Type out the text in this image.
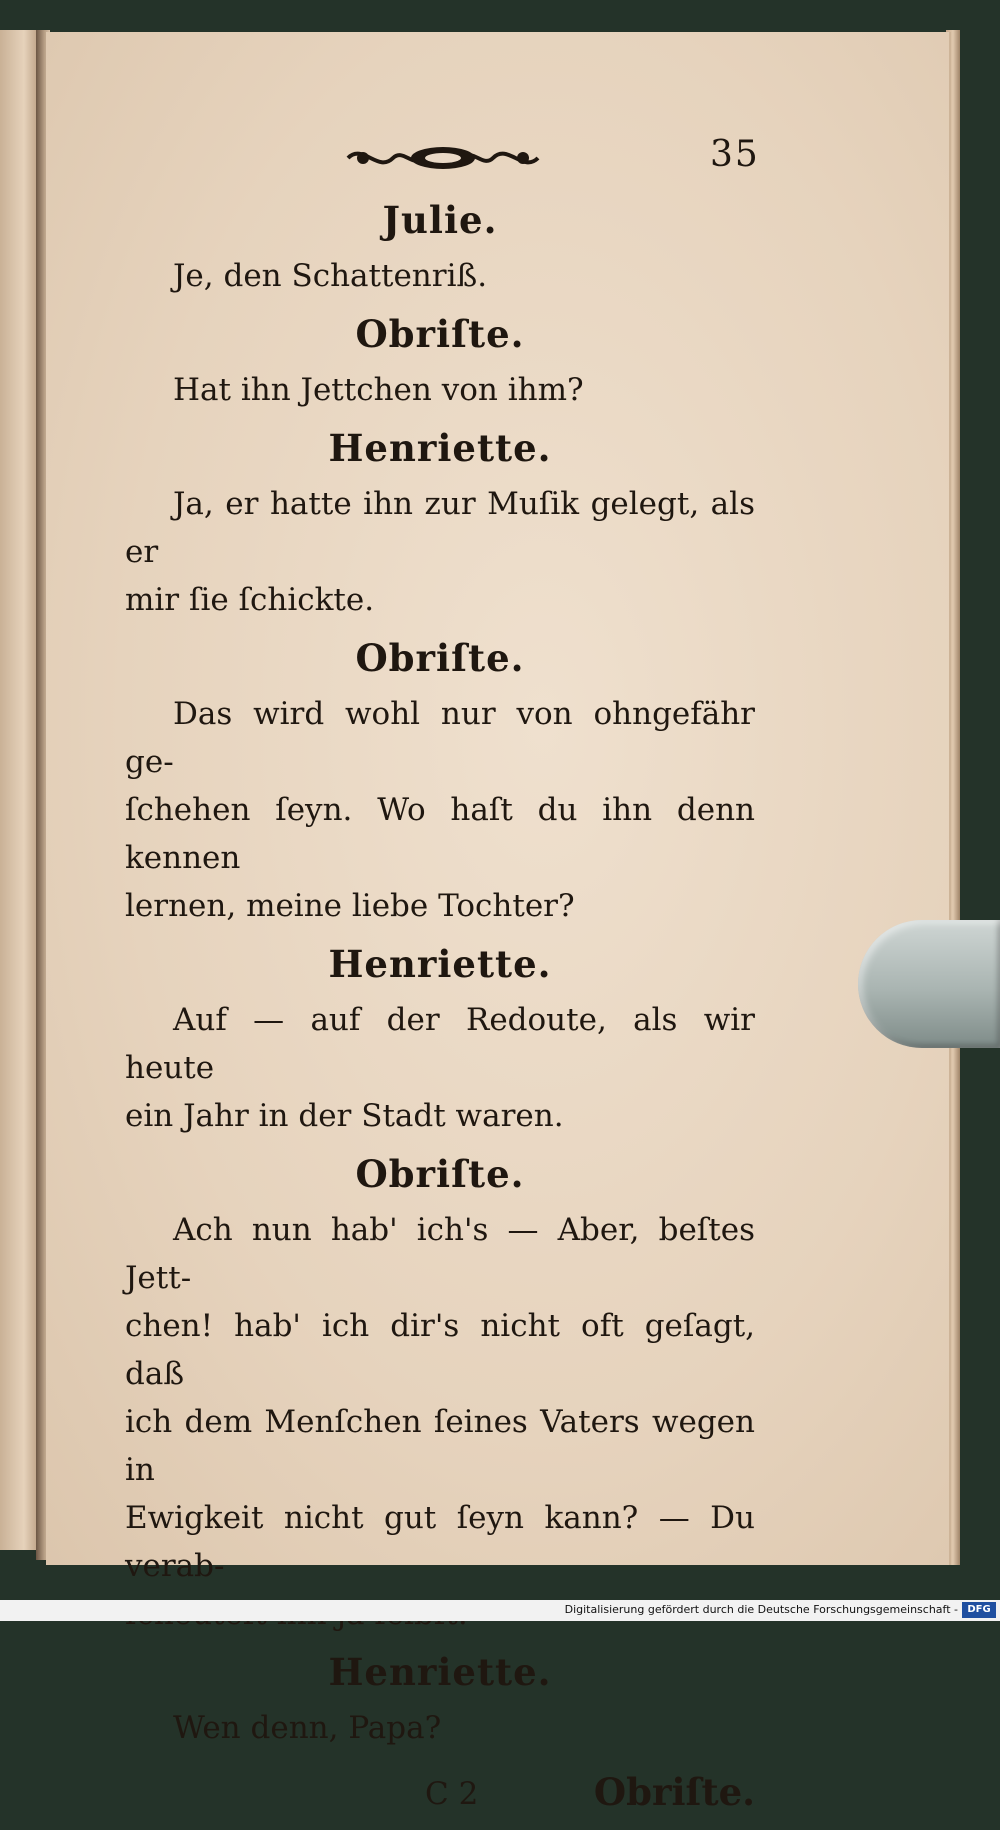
35
Julie.
Je, den Schattenriß.
Obriſte.
Hat ihn Jettchen von ihm?
Henriette.
Ja, er hatte ihn zur Muſik gelegt, als er
mir ſie ſchickte.
Obriſte.
Das wird wohl nur von ohngefähr ge-
ſchehen ſeyn. Wo haſt du ihn denn kennen
lernen, meine liebe Tochter?
Henriette.
Auf — auf der Redoute, als wir heute
ein Jahr in der Stadt waren.
Obriſte.
Ach nun hab' ich's — Aber, beſtes Jett-
chen! hab' ich dir's nicht oft geſagt, daß
ich dem Menſchen ſeines Vaters wegen in
Ewigkeit nicht gut ſeyn kann? — Du verab-
Henriette.
Wen denn, Papa?
C 2	Obriſte.
Digitalisierung gefördert durch die Deutsche Forschungsgemeinschaft - DFG
